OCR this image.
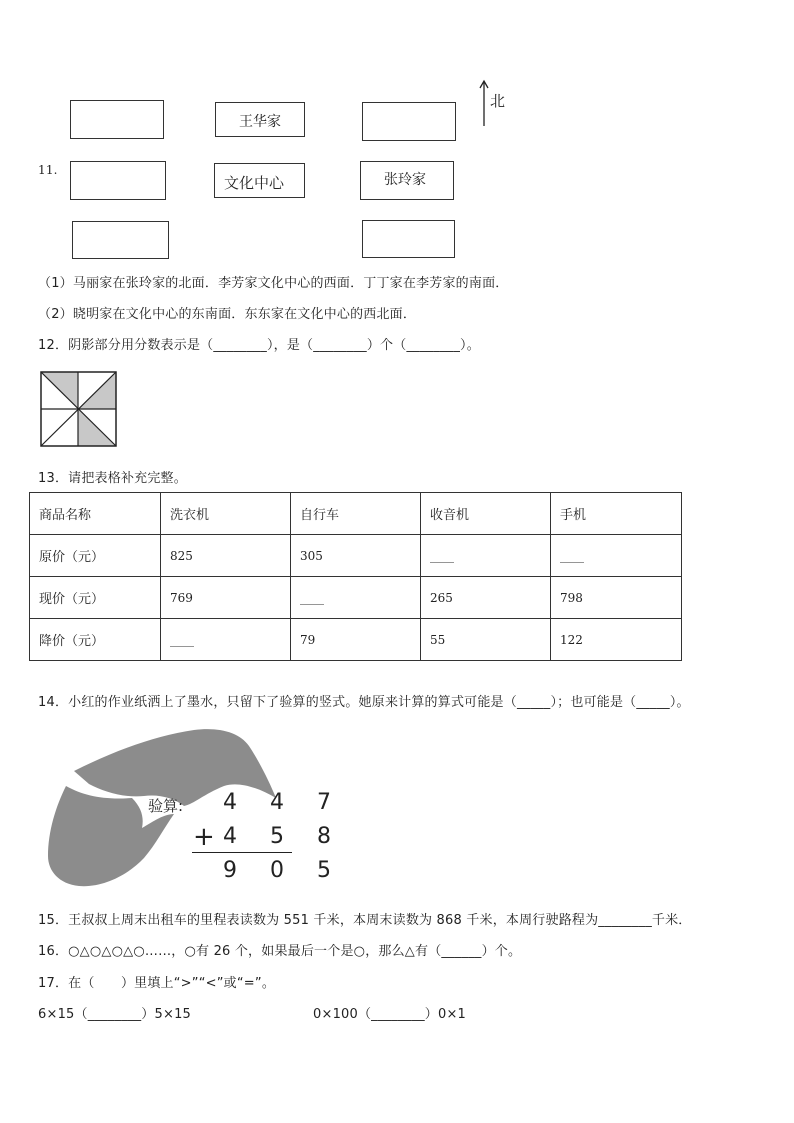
王华家
北
11.
文化中心	张玲家
（1）马丽家在张玲家的北面．李芳家文化中心的西面．丁丁家在李芳家的南面．
（2）晓明家在文化中心的东南面．东东家在文化中心的西北面．
12．阴影部分用分数表示是（________），是（________）个（________）。
13．请把表格补充完整。
商品名称	洗衣机	自行车	收音机	手机
原价（元）	825	305	____	____
现价（元）	769	____	265	798
降价（元）	____	79	55	122
14．小红的作业纸洒上了墨水，只留下了验算的竖式。她原来计算的算式可能是（_____）；也可能是（_____）。
验算: 4 4 7
+
4 5 8
9 0 5
15．王叔叔上周末出租车的里程表读数为 551 千米，本周末读数为 868 千米，本周行驶路程为________千米．
16．○△○△○△○……，○有 26 个，如果最后一个是○，那么△有（______）个。
17．在（　　）里填上“>”“<”或“=”。
6×15（________）5×15	0×100（________）0×1
